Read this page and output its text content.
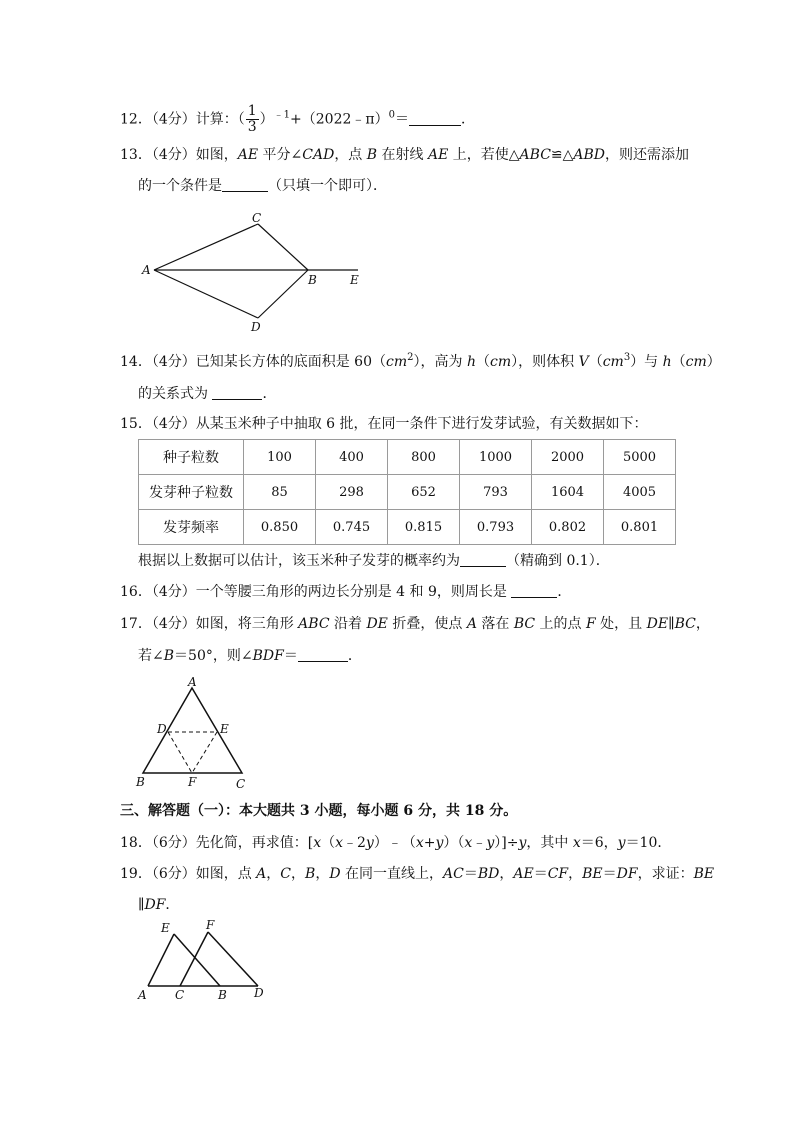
12．（4分）计算：（ $\frac{1}{3}$ ）$^{﹣1}$+（2022﹣π）$^0$＝	．
13．（4分）如图，AE 平分∠CAD，点 B 在射线 AE 上，若使△ABC≌△ABD，则还需添加
的一个条件是	（只填一个即可）．
A
C
B	E
D
14．（4分）已知某长方体的底面积是 $60(cm^2)$，高为 h（cm），则体积 $V(cm^3)$与 h（cm）
的关系式为	．
15．（4分）从某玉米种子中抽取 6 批，在同一条件下进行发芽试验，有关数据如下：
种子粒数	100	400	800	1000	2000	5000
发芽种子粒数	85	298	652	793	1604	4005
发芽频率	0.850	0.745	0.815	0.793	0.802	0.801
根据以上数据可以估计，该玉米种子发芽的概率约为	（精确到 0.1）．
16．（4分）一个等腰三角形的两边长分别是 4 和 9，则周长是	．
17．（4分）如图，将三角形 ABC 沿着 DE 折叠，使点 A 落在 BC 上的点 F 处，且 DE∥BC，
若∠B＝50°，则∠BDF＝	．
A
D	E
B	F	C
三、解答题（一）：本大题共 3 小题，每小题 6 分，共 18 分。
18．（6分）先化简，再求值：[x（x﹣2y）﹣（x+y）（x﹣y）]÷y，其中 x＝6，y＝10．
19．（6分）如图，点 A，C，B，D 在同一直线上，AC＝BD，AE＝CF，BE＝DF，求证：BE
∥DF．
E	F
A C	B D
